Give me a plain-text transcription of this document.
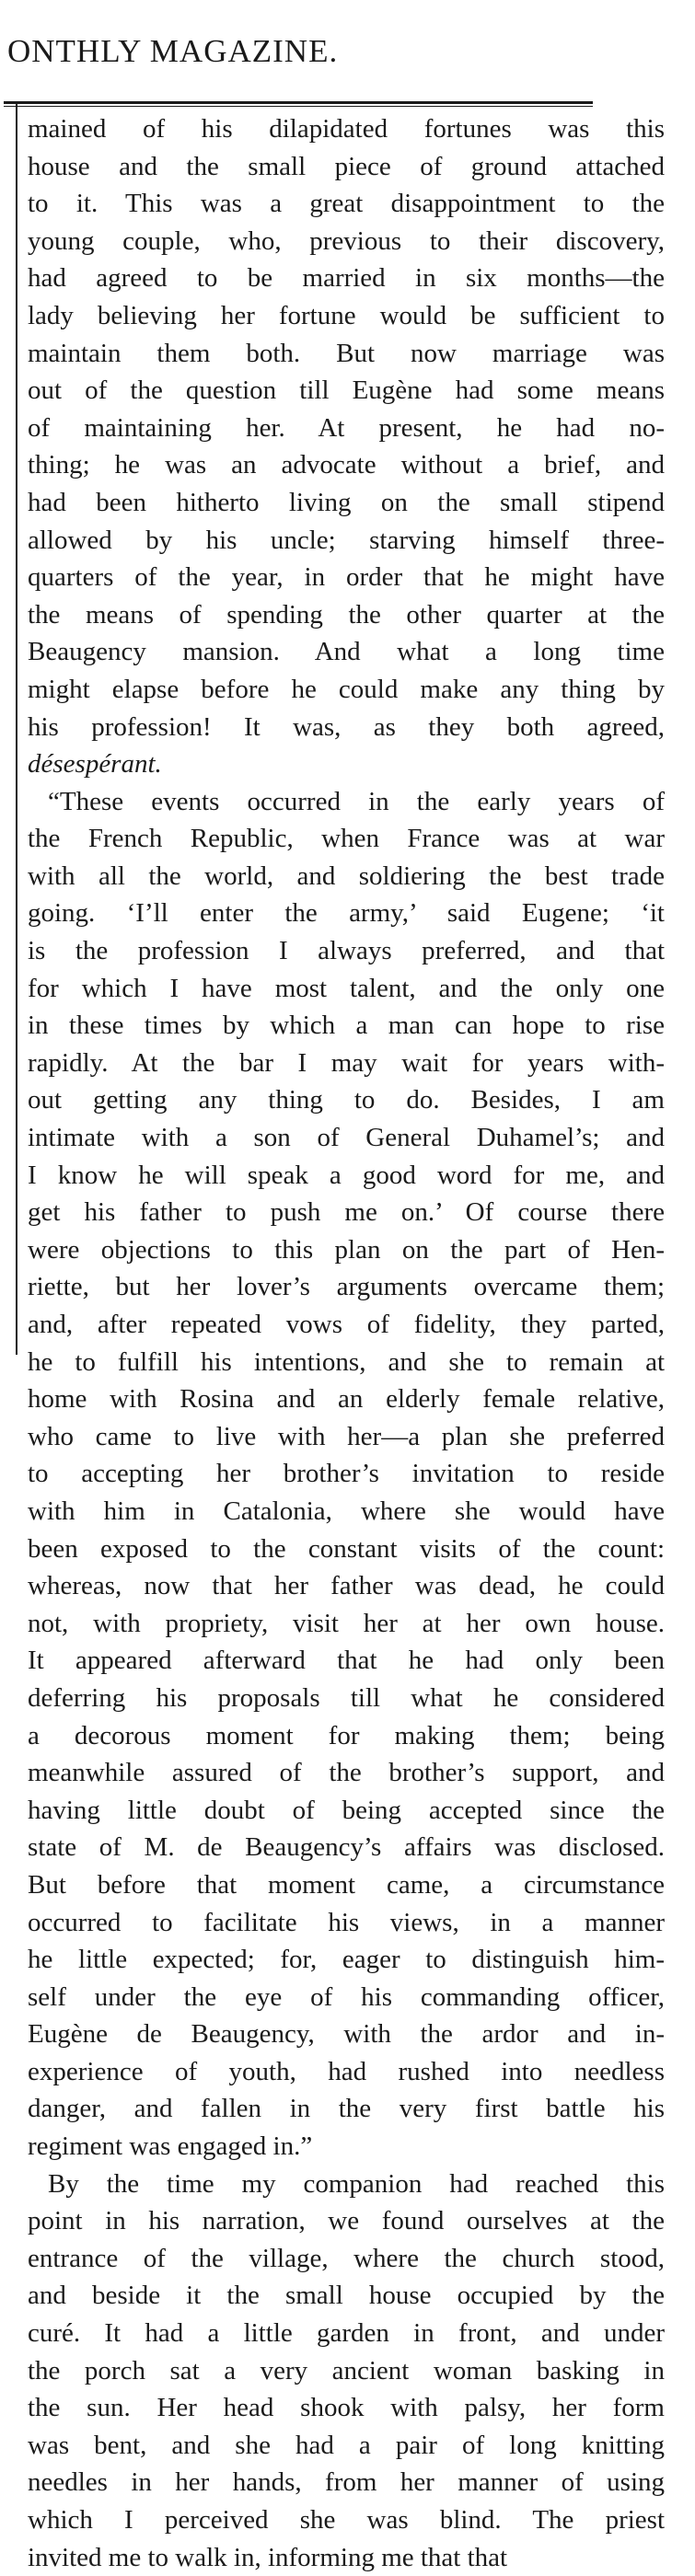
ONTHLY MAGAZINE.
mained of his dilapidated fortunes was this
house and the small piece of ground attached
to it. This was a great disappointment to the
young couple, who, previous to their discovery,
had agreed to be married in six months—the
lady believing her fortune would be sufficient to
maintain them both. But now marriage was
out of the question till Eugène had some means
of maintaining her. At present, he had no-
thing; he was an advocate without a brief, and
had been hitherto living on the small stipend
allowed by his uncle; starving himself three-
quarters of the year, in order that he might have
the means of spending the other quarter at the
Beaugency mansion. And what a long time
might elapse before he could make any thing by
his profession! It was, as they both agreed,
désespérant.
“These events occurred in the early years of
the French Republic, when France was at war
with all the world, and soldiering the best trade
going. ‘I’ll enter the army,’ said Eugene; ‘it
is the profession I always preferred, and that
for which I have most talent, and the only one
in these times by which a man can hope to rise
rapidly. At the bar I may wait for years with-
out getting any thing to do. Besides, I am
intimate with a son of General Duhamel’s; and
I know he will speak a good word for me, and
get his father to push me on.’ Of course there
were objections to this plan on the part of Hen-
riette, but her lover’s arguments overcame them;
and, after repeated vows of fidelity, they parted,
he to fulfill his intentions, and she to remain at
home with Rosina and an elderly female relative,
who came to live with her—a plan she preferred
to accepting her brother’s invitation to reside
with him in Catalonia, where she would have
been exposed to the constant visits of the count:
whereas, now that her father was dead, he could
not, with propriety, visit her at her own house.
It appeared afterward that he had only been
deferring his proposals till what he considered
a decorous moment for making them; being
meanwhile assured of the brother’s support, and
having little doubt of being accepted since the
state of M. de Beaugency’s affairs was disclosed.
But before that moment came, a circumstance
occurred to facilitate his views, in a manner
he little expected; for, eager to distinguish him-
self under the eye of his commanding officer,
Eugène de Beaugency, with the ardor and in-
experience of youth, had rushed into needless
danger, and fallen in the very first battle his
regiment was engaged in.”
By the time my companion had reached this
point in his narration, we found ourselves at the
entrance of the village, where the church stood,
and beside it the small house occupied by the
curé. It had a little garden in front, and under
the porch sat a very ancient woman basking in
the sun. Her head shook with palsy, her form
was bent, and she had a pair of long knitting
needles in her hands, from her manner of using
which I perceived she was blind. The priest
invited me to walk in, informing me that that
